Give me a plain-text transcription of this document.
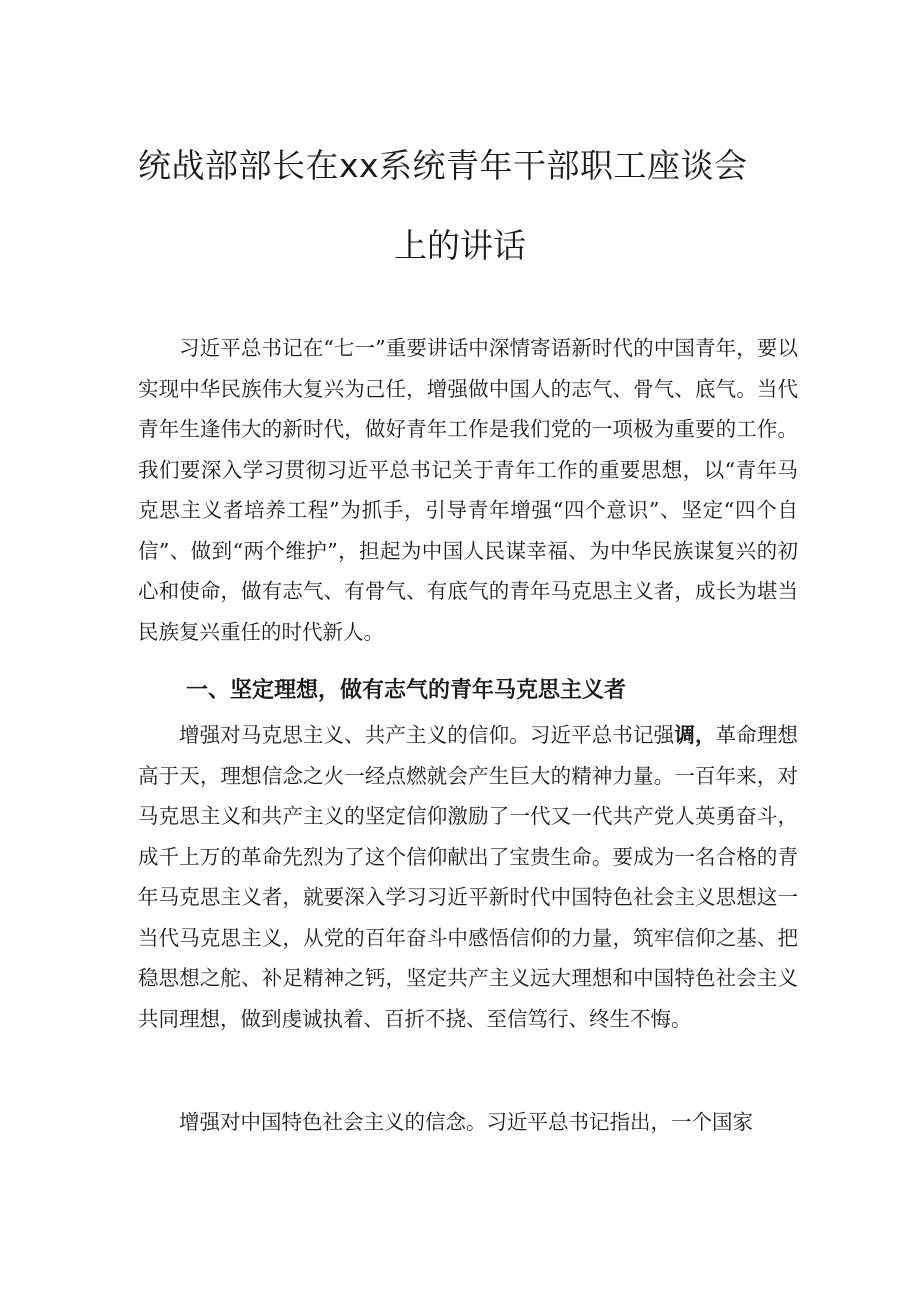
统战部部长在xx系统青年干部职工座谈会
上的讲话

习近平总书记在“七一”重要讲话中深情寄语新时代的中国青年，要以实现中华民族伟大复兴为己任，增强做中国人的志气、骨气、底气。当代青年生逢伟大的新时代，做好青年工作是我们党的一项极为重要的工作。我们要深入学习贯彻习近平总书记关于青年工作的重要思想，以“青年马克思主义者培养工程”为抓手，引导青年增强“四个意识”、坚定“四个自信”、做到“两个维护”，担起为中国人民谋幸福、为中华民族谋复兴的初心和使命，做有志气、有骨气、有底气的青年马克思主义者，成长为堪当民族复兴重任的时代新人。

一、坚定理想，做有志气的青年马克思主义者

增强对马克思主义、共产主义的信仰。习近平总书记强调，革命理想高于天，理想信念之火一经点燃就会产生巨大的精神力量。一百年来，对马克思主义和共产主义的坚定信仰激励了一代又一代共产党人英勇奋斗，成千上万的革命先烈为了这个信仰献出了宝贵生命。要成为一名合格的青年马克思主义者，就要深入学习习近平新时代中国特色社会主义思想这一当代马克思主义，从党的百年奋斗中感悟信仰的力量，筑牢信仰之基、把稳思想之舵、补足精神之钙，坚定共产主义远大理想和中国特色社会主义共同理想，做到虔诚执着、百折不挠、至信笃行、终生不悔。

增强对中国特色社会主义的信念。习近平总书记指出，一个国家
